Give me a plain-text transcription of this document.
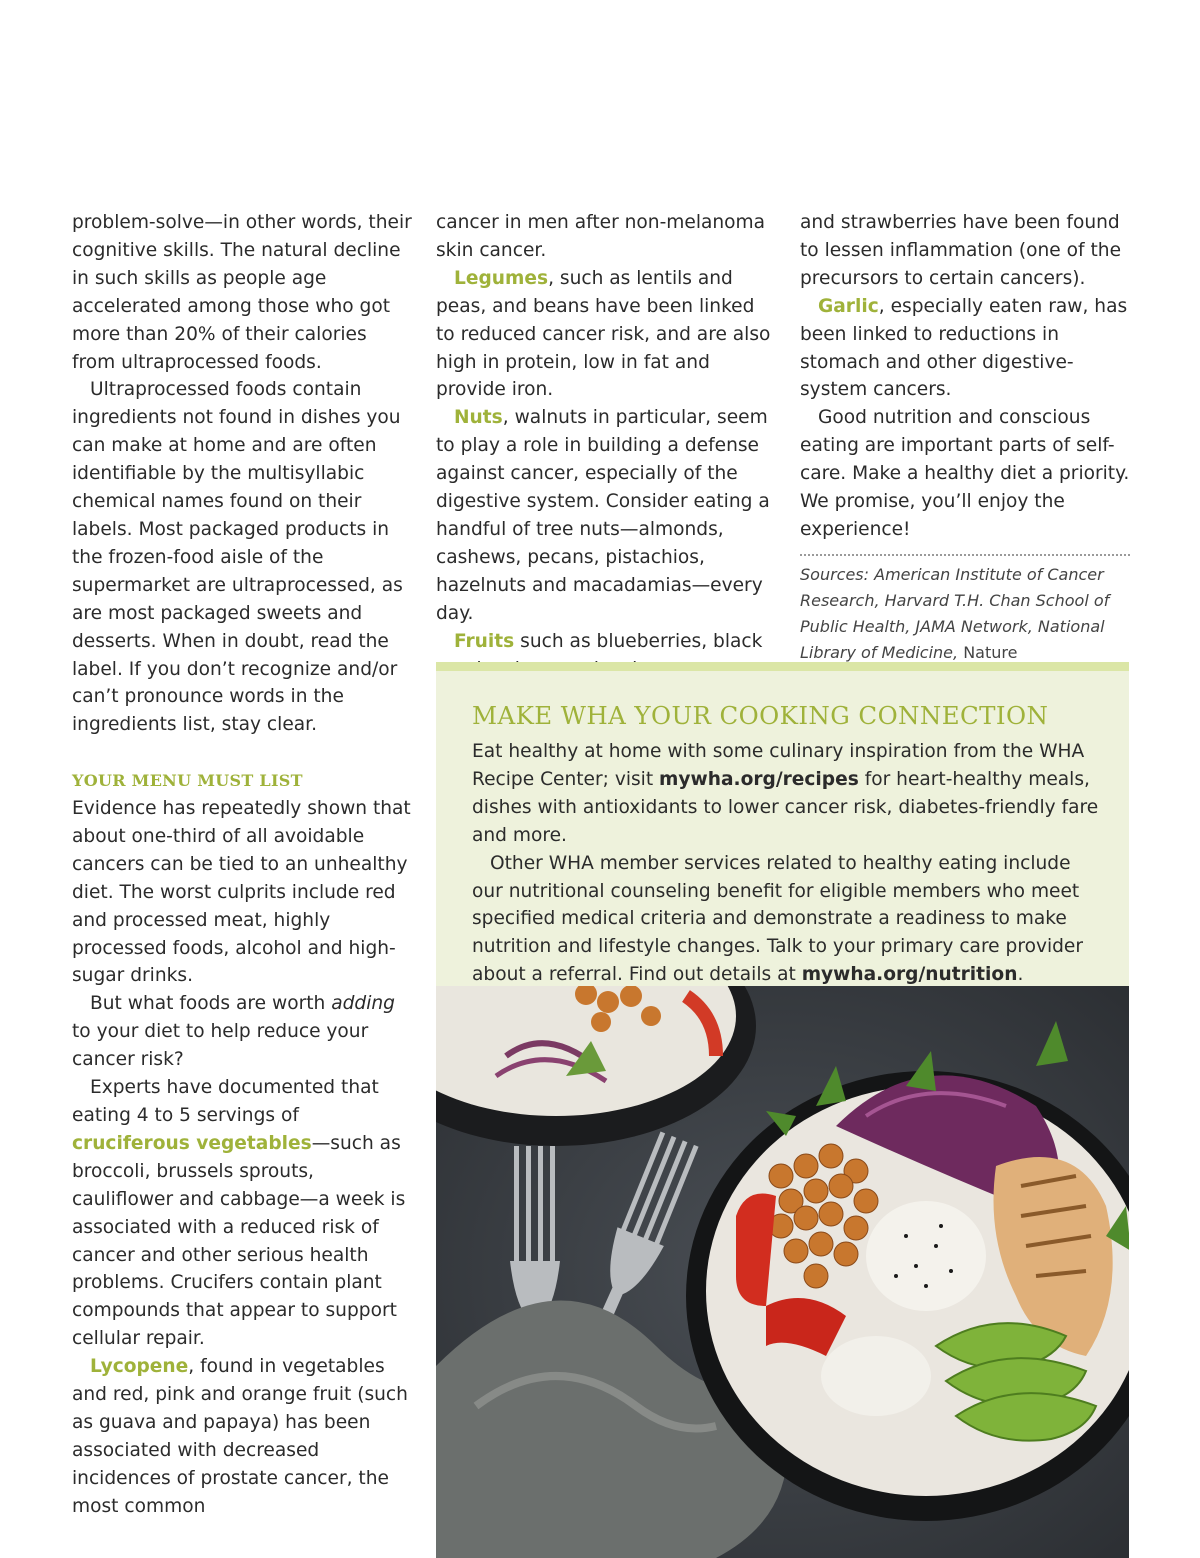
problem-solve—in other words, their cognitive skills. The natural decline in such skills as people age accelerated among those who got more than 20% of their calories from ultraprocessed foods.

Ultraprocessed foods contain ingredients not found in dishes you can make at home and are often identifiable by the multisyllabic chemical names found on their labels. Most packaged products in the frozen-food aisle of the supermarket are ultraprocessed, as are most packaged sweets and desserts. When in doubt, read the label. If you don’t recognize and/or can’t pronounce words in the ingredients list, stay clear.

YOUR MENU MUST LIST

Evidence has repeatedly shown that about one-third of all avoidable cancers can be tied to an unhealthy diet. The worst culprits include red and processed meat, highly processed foods, alcohol and high-sugar drinks.

But what foods are worth adding to your diet to help reduce your cancer risk?

Experts have documented that eating 4 to 5 servings of cruciferous vegetables—such as broccoli, brussels sprouts, cauliflower and cabbage—a week is associated with a reduced risk of cancer and other serious health problems. Crucifers contain plant compounds that appear to support cellular repair.

Lycopene, found in vegetables and red, pink and orange fruit (such as guava and papaya) has been associated with decreased incidences of prostate cancer, the most common

cancer in men after non-melanoma skin cancer.

Legumes, such as lentils and peas, and beans have been linked to reduced cancer risk, and are also high in protein, low in fat and provide iron.

Nuts, walnuts in particular, seem to play a role in building a defense against cancer, especially of the digestive system. Consider eating a handful of tree nuts—almonds, cashews, pecans, pistachios, hazelnuts and macadamias—every day.

Fruits such as blueberries, black

and strawberries have been found to lessen inflammation (one of the precursors to certain cancers).

Garlic, especially eaten raw, has been linked to reductions in stomach and other digestive-system cancers.

Good nutrition and conscious eating are important parts of self-care. Make a healthy diet a priority. We promise, you’ll enjoy the experience!

Sources: American Institute of Cancer Research, Harvard T.H. Chan School of Public Health, JAMA Network, National Library of Medicine, Nature
MAKE WHA YOUR COOKING CONNECTION

Eat healthy at home with some culinary inspiration from the WHA Recipe Center; visit mywha.org/recipes for heart-healthy meals, dishes with antioxidants to lower cancer risk, diabetes-friendly fare and more.

Other WHA member services related to healthy eating include our nutritional counseling benefit for eligible members who meet specified medical criteria and demonstrate a readiness to make nutrition and lifestyle changes. Talk to your primary care provider about a referral. Find out details at mywha.org/nutrition.
